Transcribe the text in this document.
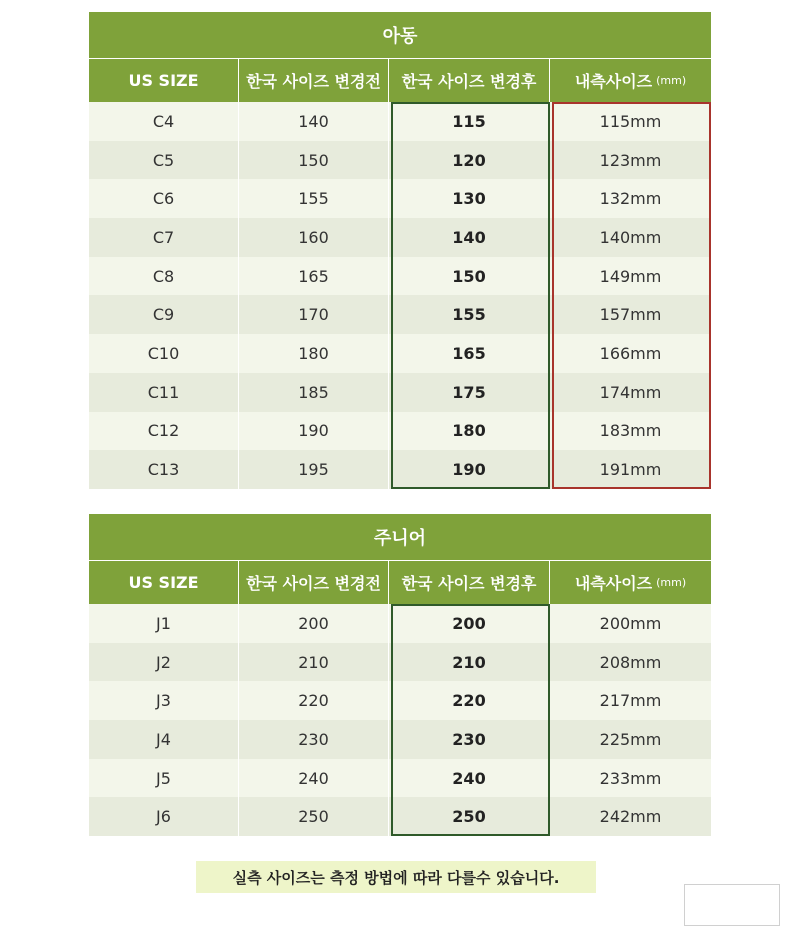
아동
US SIZE	한국 사이즈 변경전	한국 사이즈 변경후	내측사이즈 (mm)
C4	140	115	115mm
C5	150	120	123mm
C6	155	130	132mm
C7	160	140	140mm
C8	165	150	149mm
C9	170	155	157mm
C10	180	165	166mm
C11	185	175	174mm
C12	190	180	183mm
C13	195	190	191mm
주니어
US SIZE	한국 사이즈 변경전	한국 사이즈 변경후	내측사이즈 (mm)
J1	200	200	200mm
J2	210	210	208mm
J3	220	220	217mm
J4	230	230	225mm
J5	240	240	233mm
J6	250	250	242mm
실측 사이즈는 측정 방법에 따라 다를수 있습니다.
